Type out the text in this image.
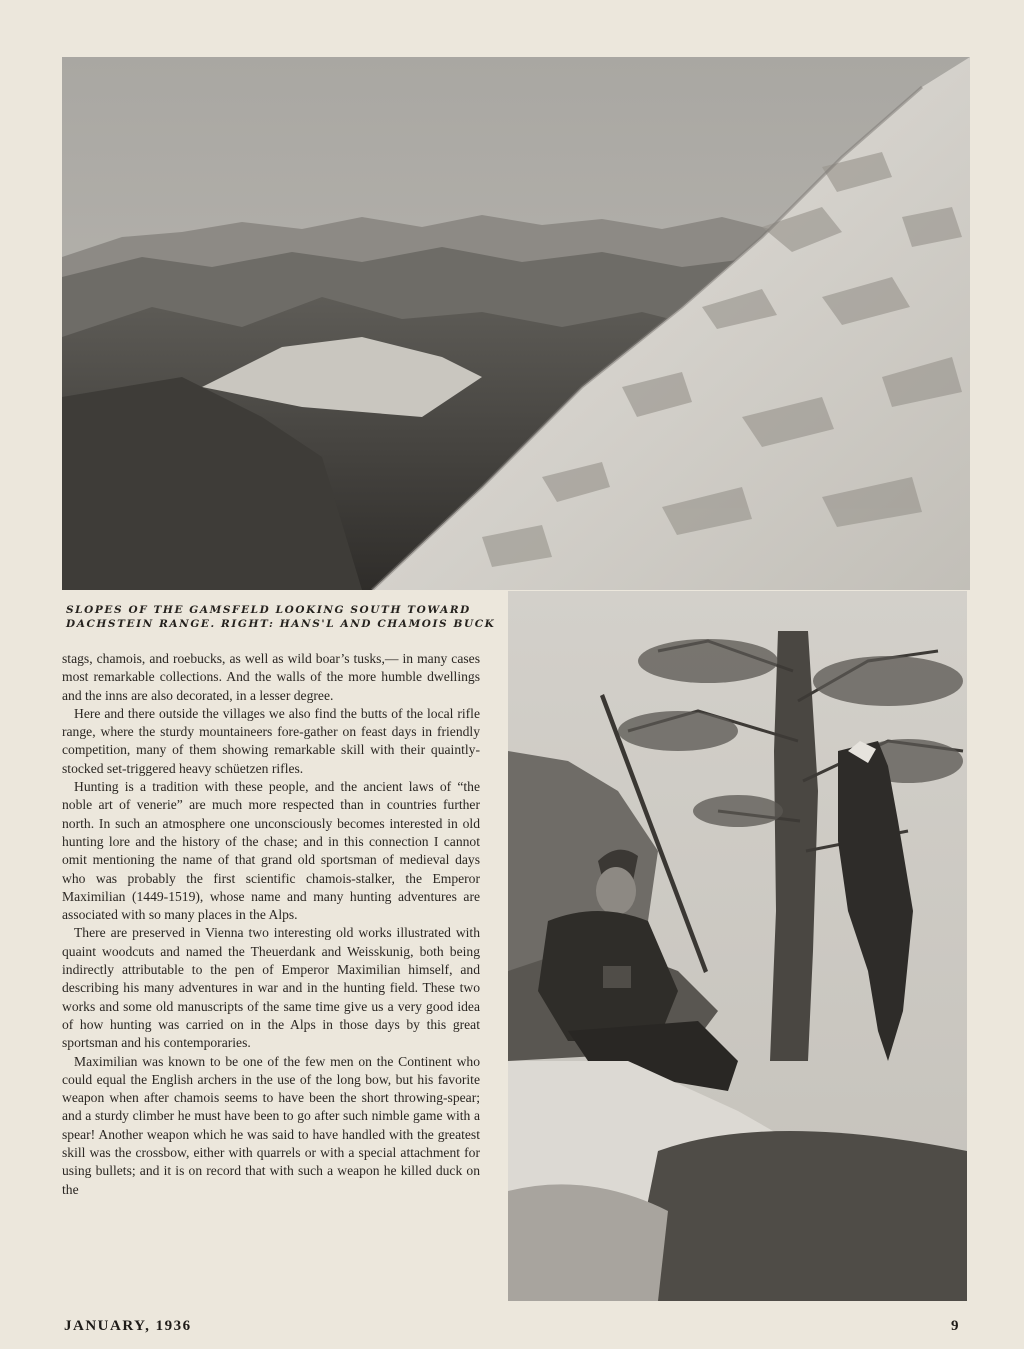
SLOPES OF THE GAMSFELD LOOKING SOUTH TOWARD
DACHSTEIN RANGE. RIGHT: HANS'L AND CHAMOIS BUCK

stags, chamois, and roebucks, as well as wild boar’s tusks,— in many cases most remarkable collections. And the walls of the more humble dwellings and the inns are also decorated, in a lesser degree.

Here and there outside the villages we also find the butts of the local rifle range, where the sturdy mountaineers fore-gather on feast days in friendly competition, many of them showing remarkable skill with their quaintly-stocked set-triggered heavy schüetzen rifles.

Hunting is a tradition with these people, and the ancient laws of “the noble art of venerie” are much more respected than in countries further north. In such an atmosphere one unconsciously becomes interested in old hunting lore and the history of the chase; and in this connection I cannot omit mentioning the name of that grand old sportsman of medieval days who was probably the first scientific chamois-stalker, the Emperor Maximilian (1449-1519), whose name and many hunting adventures are associated with so many places in the Alps.

There are preserved in Vienna two interesting old works illustrated with quaint woodcuts and named the Theuerdank and Weisskunig, both being indirectly attributable to the pen of Emperor Maximilian himself, and describing his many adventures in war and in the hunting field. These two works and some old manuscripts of the same time give us a very good idea of how hunting was carried on in the Alps in those days by this great sportsman and his contemporaries.

Maximilian was known to be one of the few men on the Continent who could equal the English archers in the use of the long bow, but his favorite weapon when after chamois seems to have been the short throwing-spear; and a sturdy climber he must have been to go after such nimble game with a spear! Another weapon which he was said to have handled with the greatest skill was the crossbow, either with quarrels or with a special attachment for using bullets; and it is on record that with such a weapon he killed duck on the

JANUARY, 1936	9
